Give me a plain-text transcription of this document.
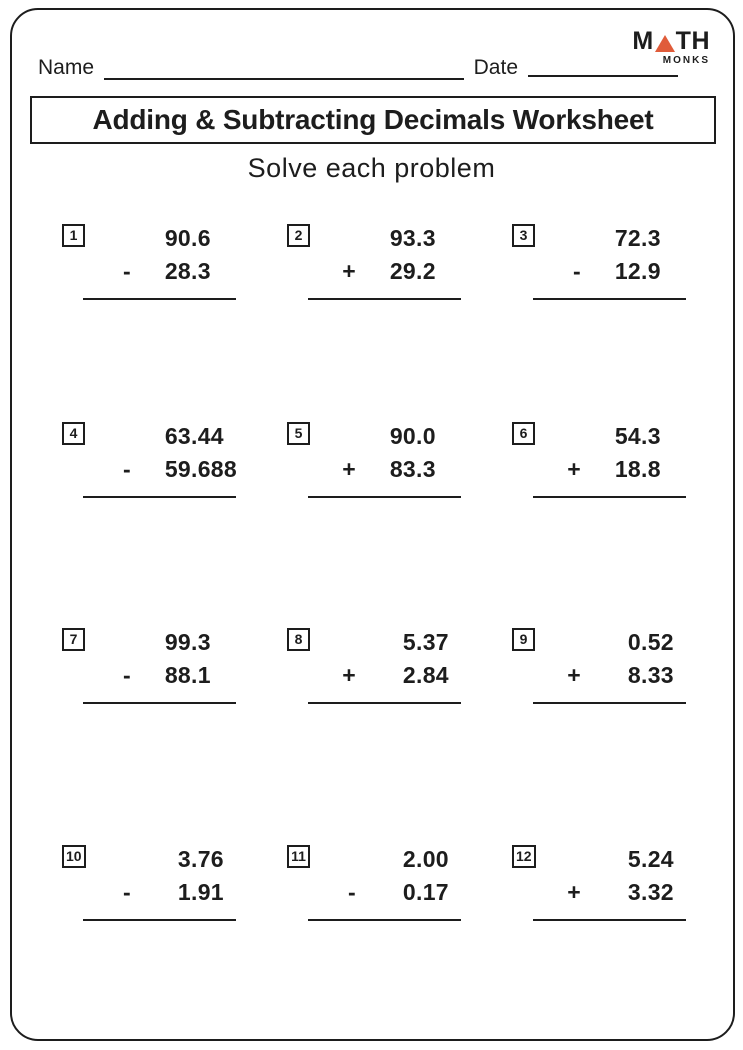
M TH
MONKS
Name	Date
Adding & Subtracting Decimals Worksheet
Solve each problem
1	90 .6
-	28 .3
2	93 .3
+	29 .2
3	72 .3
-	12 .9
4	63 .44
-	59 .688
5	90 .0
+	83 .3
6	54 .3
+	18 .8
7	99 .3
-	88 .1
8	5 .37
+	2 .84
9	0 .52
+	8 .33
10	3 .76
-	1 .91
11	2 .00
-	0 .17
12	5 .24
+	3 .32
